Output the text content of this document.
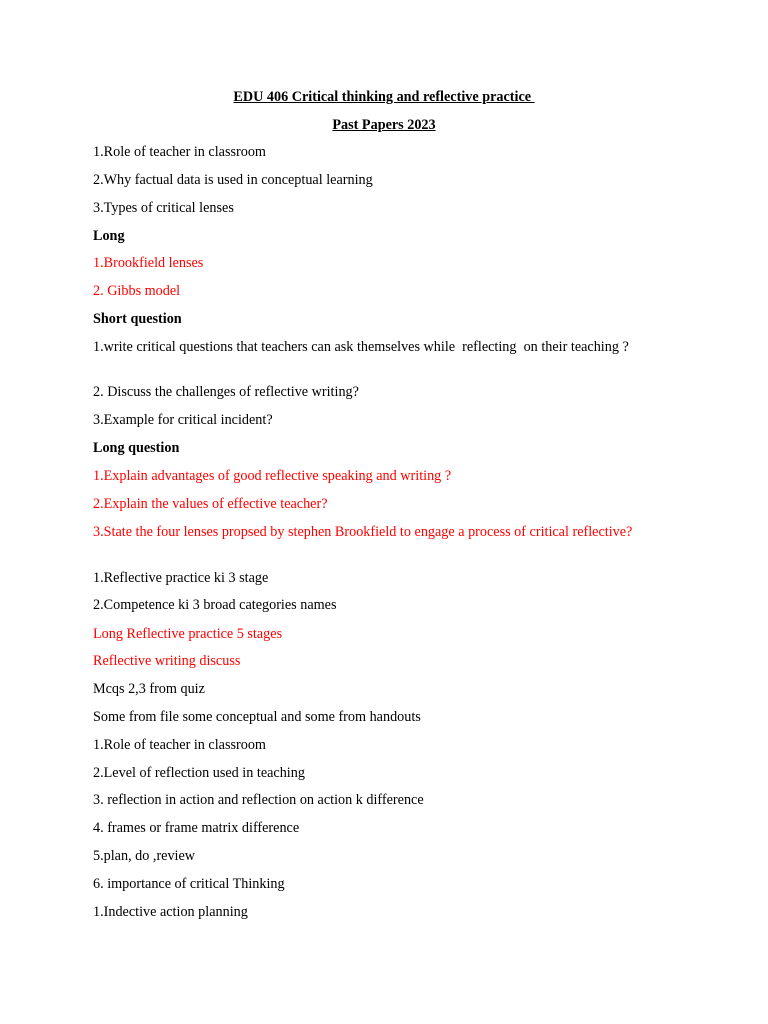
EDU 406 Critical thinking and reflective practice
Past Papers 2023
1.Role of teacher in classroom
2.Why factual data is used in conceptual learning
3.Types of critical lenses
Long
1.Brookfield lenses
2. Gibbs model
Short question
1.write critical questions that teachers can ask themselves while  reflecting  on their teaching ?
2. Discuss the challenges of reflective writing?
3.Example for critical incident?
Long question
1.Explain advantages of good reflective speaking and writing ?
2.Explain the values of effective teacher?
3.State the four lenses propsed by stephen Brookfield to engage a process of critical reflective?
1.Reflective practice ki 3 stage
2.Competence ki 3 broad categories names
Long Reflective practice 5 stages
Reflective writing discuss
Mcqs 2,3 from quiz
Some from file some conceptual and some from handouts
1.Role of teacher in classroom
2.Level of reflection used in teaching
3. reflection in action and reflection on action k difference
4. frames or frame matrix difference
5.plan, do ,review
6. importance of critical Thinking
1.Indective action planning
